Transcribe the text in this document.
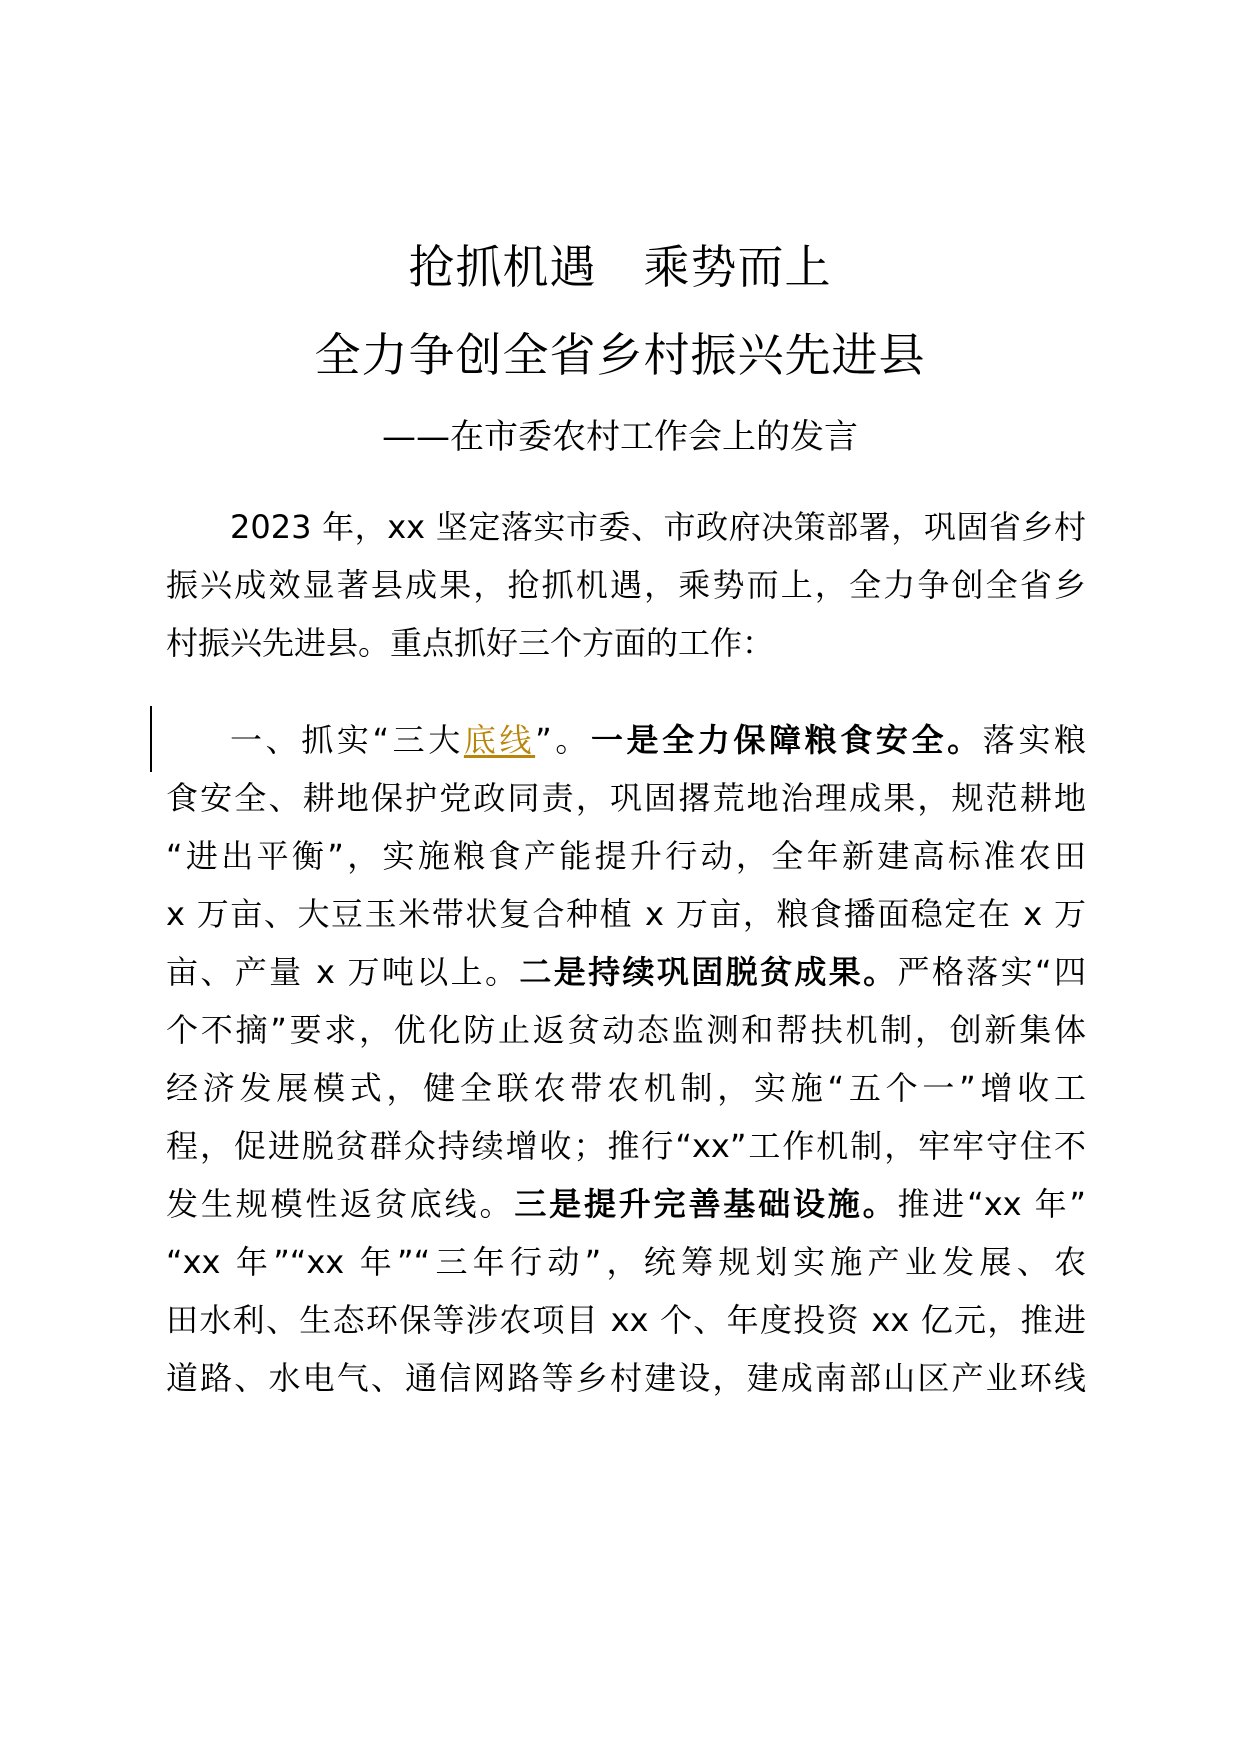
抢抓机遇　乘势而上
全力争创全省乡村振兴先进县
——在市委农村工作会上的发言
2023 年，xx 坚定落实市委、市政府决策部署，巩固省乡村
振兴成效显著县成果，抢抓机遇，乘势而上，全力争创全省乡
村振兴先进县。重点抓好三个方面的工作：
一、抓实“三大底线”。一是全力保障粮食安全。落实粮
食安全、耕地保护党政同责，巩固撂荒地治理成果，规范耕地
“进出平衡”，实施粮食产能提升行动，全年新建高标准农田
x 万亩、大豆玉米带状复合种植 x 万亩，粮食播面稳定在 x 万
亩、产量 x 万吨以上。二是持续巩固脱贫成果。严格落实“四
个不摘”要求，优化防止返贫动态监测和帮扶机制，创新集体
经济发展模式，健全联农带农机制，实施“五个一”增收工
程，促进脱贫群众持续增收；推行“xx”工作机制，牢牢守住不
发生规模性返贫底线。三是提升完善基础设施。推进“xx 年”
“xx 年”“xx 年”“三年行动”，统筹规划实施产业发展、农
田水利、生态环保等涉农项目 xx 个、年度投资 xx 亿元，推进
道路、水电气、通信网路等乡村建设，建成南部山区产业环线
